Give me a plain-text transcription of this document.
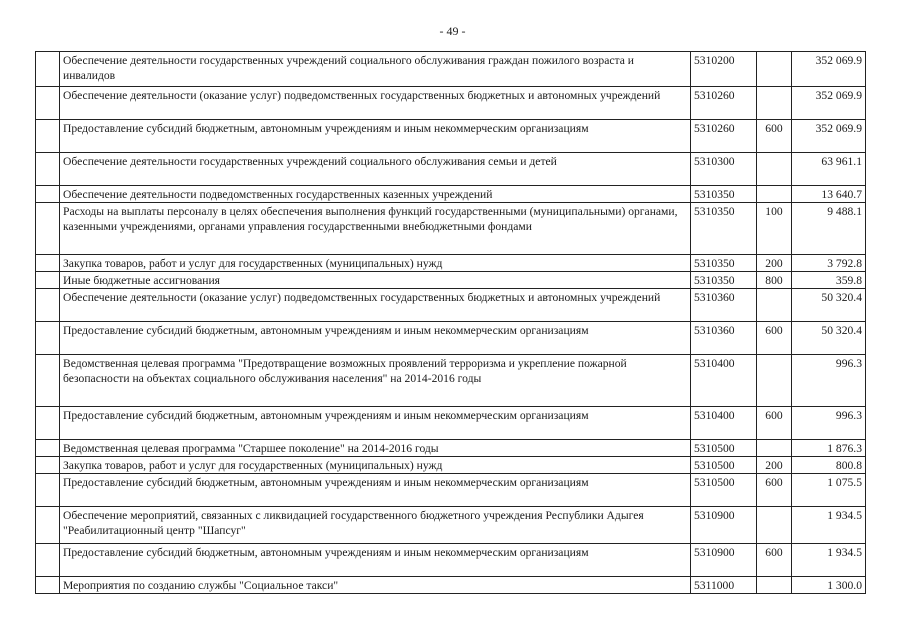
- 49 -
	Обеспечение деятельности государственных учреждений социального обслуживания граждан пожилого возраста и инвалидов	5310200		352 069.9
	Обеспечение деятельности (оказание услуг) подведомственных государственных бюджетных и автономных учреждений	5310260		352 069.9
	Предоставление субсидий бюджетным, автономным учреждениям и иным некоммерческим организациям	5310260	600	352 069.9
	Обеспечение деятельности государственных учреждений социального обслуживания семьи и детей	5310300		63 961.1
	Обеспечение деятельности подведомственных государственных казенных учреждений	5310350		13 640.7
	Расходы на выплаты персоналу в целях обеспечения выполнения функций государственными (муниципальными) органами, казенными учреждениями, органами управления государственными внебюджетными фондами	5310350	100	9 488.1
	Закупка товаров, работ и услуг для государственных (муниципальных) нужд	5310350	200	3 792.8
	Иные бюджетные ассигнования	5310350	800	359.8
	Обеспечение деятельности (оказание услуг) подведомственных государственных бюджетных и автономных учреждений	5310360		50 320.4
	Предоставление субсидий бюджетным, автономным учреждениям и иным некоммерческим организациям	5310360	600	50 320.4
	Ведомственная целевая программа "Предотвращение возможных проявлений терроризма и укрепление пожарной безопасности на объектах социального обслуживания населения" на 2014-2016 годы	5310400		996.3
	Предоставление субсидий бюджетным, автономным учреждениям и иным некоммерческим организациям	5310400	600	996.3
	Ведомственная целевая программа "Старшее поколение" на 2014-2016 годы	5310500		1 876.3
	Закупка товаров, работ и услуг для государственных (муниципальных) нужд	5310500	200	800.8
	Предоставление субсидий бюджетным, автономным учреждениям и иным некоммерческим организациям	5310500	600	1 075.5
	Обеспечение мероприятий, связанных с ликвидацией государственного бюджетного учреждения Республики Адыгея "Реабилитационный центр "Шапсуг"	5310900		1 934.5
	Предоставление субсидий бюджетным, автономным учреждениям и иным некоммерческим организациям	5310900	600	1 934.5
	Мероприятия по созданию службы "Социальное такси"	5311000		1 300.0
